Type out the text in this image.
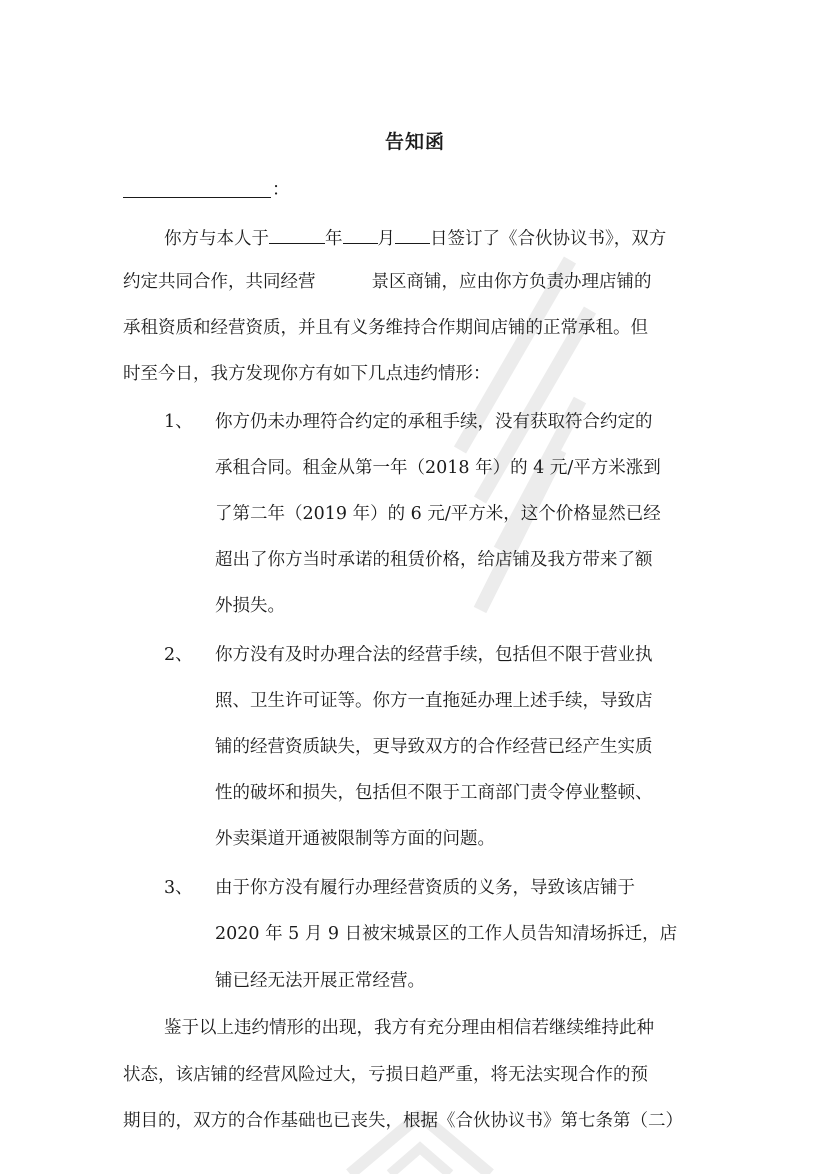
告知函
：
你方与本人于	年 月 日签订了《合伙协议书》，双方
约定共同合作，共同经营	景区商铺，应由你方负责办理店铺的
承租资质和经营资质，并且有义务维持合作期间店铺的正常承租。但
时至今日，我方发现你方有如下几点违约情形：
1、 你方仍未办理符合约定的承租手续，没有获取符合约定的
承租合同。租金从第一年（2018 年）的 4 元/平方米涨到
了第二年（2019 年）的 6 元/平方米，这个价格显然已经
超出了你方当时承诺的租赁价格，给店铺及我方带来了额
外损失。
2、 你方没有及时办理合法的经营手续，包括但不限于营业执
照、卫生许可证等。你方一直拖延办理上述手续，导致店
铺的经营资质缺失，更导致双方的合作经营已经产生实质
性的破坏和损失，包括但不限于工商部门责令停业整顿、
外卖渠道开通被限制等方面的问题。
3、 由于你方没有履行办理经营资质的义务，导致该店铺于
2020 年 5 月 9 日被宋城景区的工作人员告知清场拆迁，店
铺已经无法开展正常经营。
鉴于以上违约情形的出现，我方有充分理由相信若继续维持此种
状态，该店铺的经营风险过大，亏损日趋严重，将无法实现合作的预
期目的，双方的合作基础也已丧失，根据《合伙协议书》第七条第（二）
